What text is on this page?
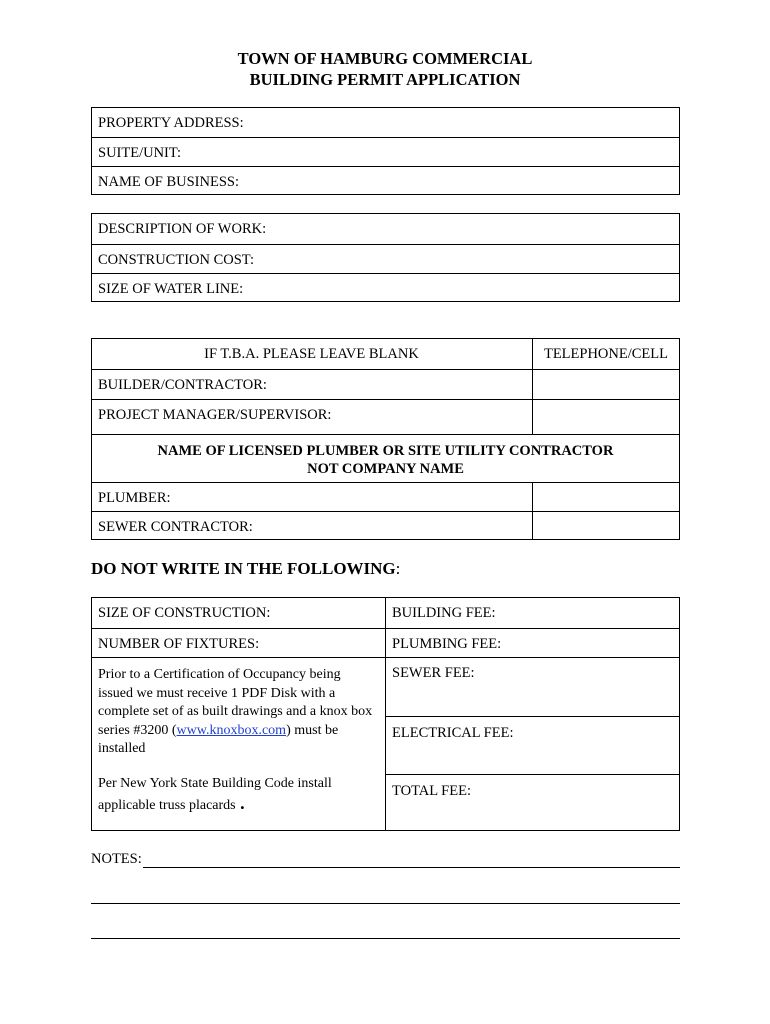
TOWN OF HAMBURG COMMERCIAL
BUILDING PERMIT APPLICATION
PROPERTY ADDRESS:
SUITE/UNIT:
NAME OF BUSINESS:
DESCRIPTION OF WORK:
CONSTRUCTION COST:
SIZE OF WATER LINE:
IF T.B.A. PLEASE LEAVE BLANK	TELEPHONE/CELL
BUILDER/CONTRACTOR:
PROJECT MANAGER/SUPERVISOR:
NAME OF LICENSED PLUMBER OR SITE UTILITY CONTRACTOR
NOT COMPANY NAME
PLUMBER:
SEWER CONTRACTOR:
DO NOT WRITE IN THE FOLLOWING:
SIZE OF CONSTRUCTION:	BUILDING FEE:
NUMBER OF FIXTURES:	PLUMBING FEE:
Prior to a Certification of Occupancy being issued we must receive 1 PDF Disk with a complete set of as built drawings and a knox box series #3200 (www.knoxbox.com) must be installed
Per New York State Building Code install applicable truss placards .
SEWER FEE:
ELECTRICAL FEE:
TOTAL FEE:
NOTES:
